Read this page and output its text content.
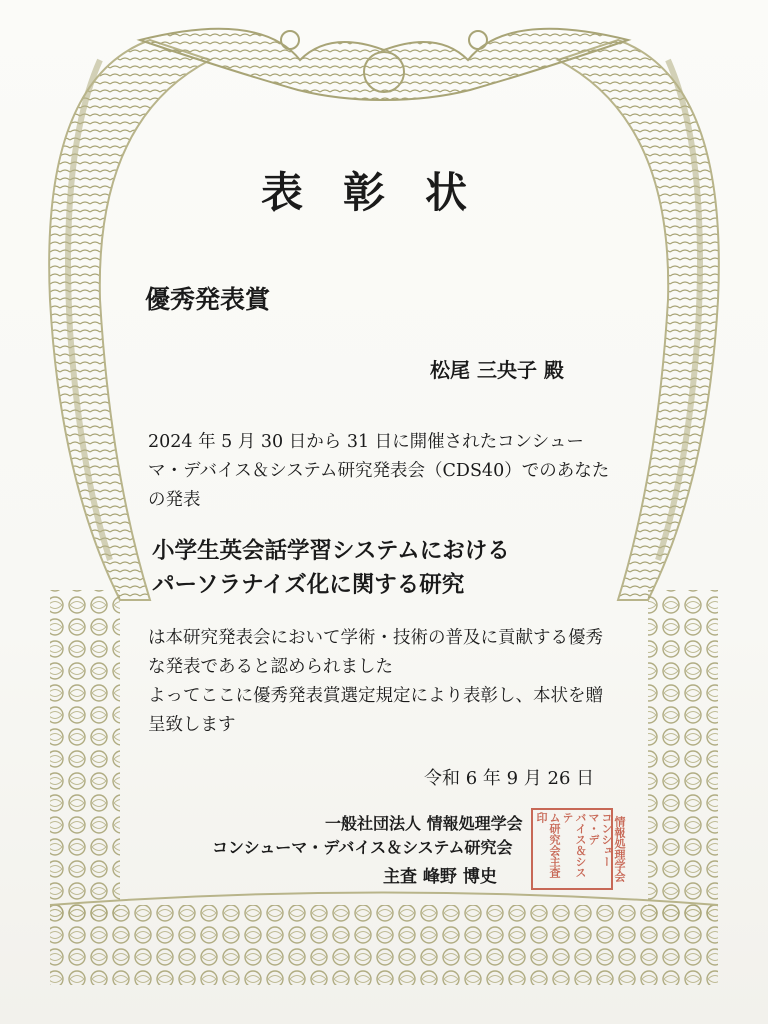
表彰状
優秀発表賞
松尾 三央子 殿
2024 年 5 月 30 日から 31 日に開催されたコンシューマ・デバイス＆システム研究発表会（CDS40）でのあなたの発表
小学生英会話学習システムにおける
パーソラナイズ化に関する研究
は本研究発表会において学術・技術の普及に貢献する優秀な発表であると認められました
よってここに優秀発表賞選定規定により表彰し、本状を贈呈致します
令和 6 年 9 月 26 日
一般社団法人 情報処理学会
コンシューマ・デバイス＆システム研究会
主査 峰野 博史	情報処理学会
コンシューマ・デ
バイス＆システ
ム研究会主査印
